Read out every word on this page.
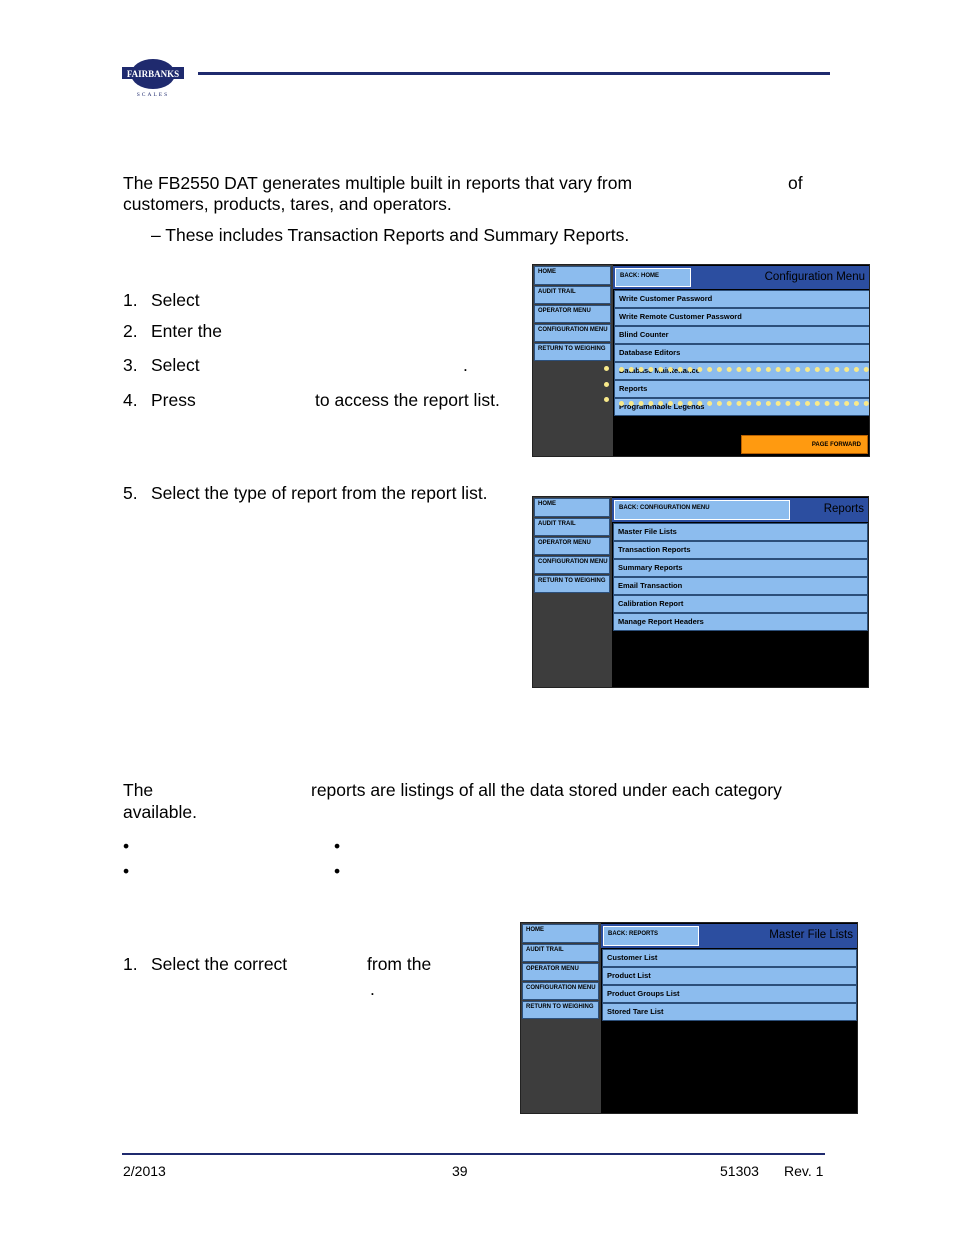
FAIRBANKS
SCALES
The FB2550 DAT generates multiple built in reports that vary from	of
customers, products, tares, and operators.
– These includes Transaction Reports and Summary Reports.
1. Select
2. Enter the
3. Select	.
4. Press	to access the report list.
HOME
AUDIT TRAIL
OPERATOR MENU
CONFIGURATION MENU
RETURN TO WEIGHING
Configuration Menu
BACK: HOME
Write Customer Password
Write Remote Customer Password
Blind Counter
Database Editors
Database Maintenance
Reports
Programmable Legends
PAGE FORWARD
5. Select the type of report from the report list.
HOME
AUDIT TRAIL
OPERATOR MENU
CONFIGURATION MENU
RETURN TO WEIGHING
Reports
BACK: CONFIGURATION MENU
Master File Lists
Transaction Reports
Summary Reports
Email Transaction
Calibration Report
Manage Report Headers
The	reports are listings of all the data stored under each category
available.
•	•
•	•
1. Select the correct	from the
.
HOME
AUDIT TRAIL
OPERATOR MENU
CONFIGURATION MENU
RETURN TO WEIGHING
Master File Lists
BACK: REPORTS
Customer List
Product List
Product Groups List
Stored Tare List
2/2013	39	51303 Rev. 1
